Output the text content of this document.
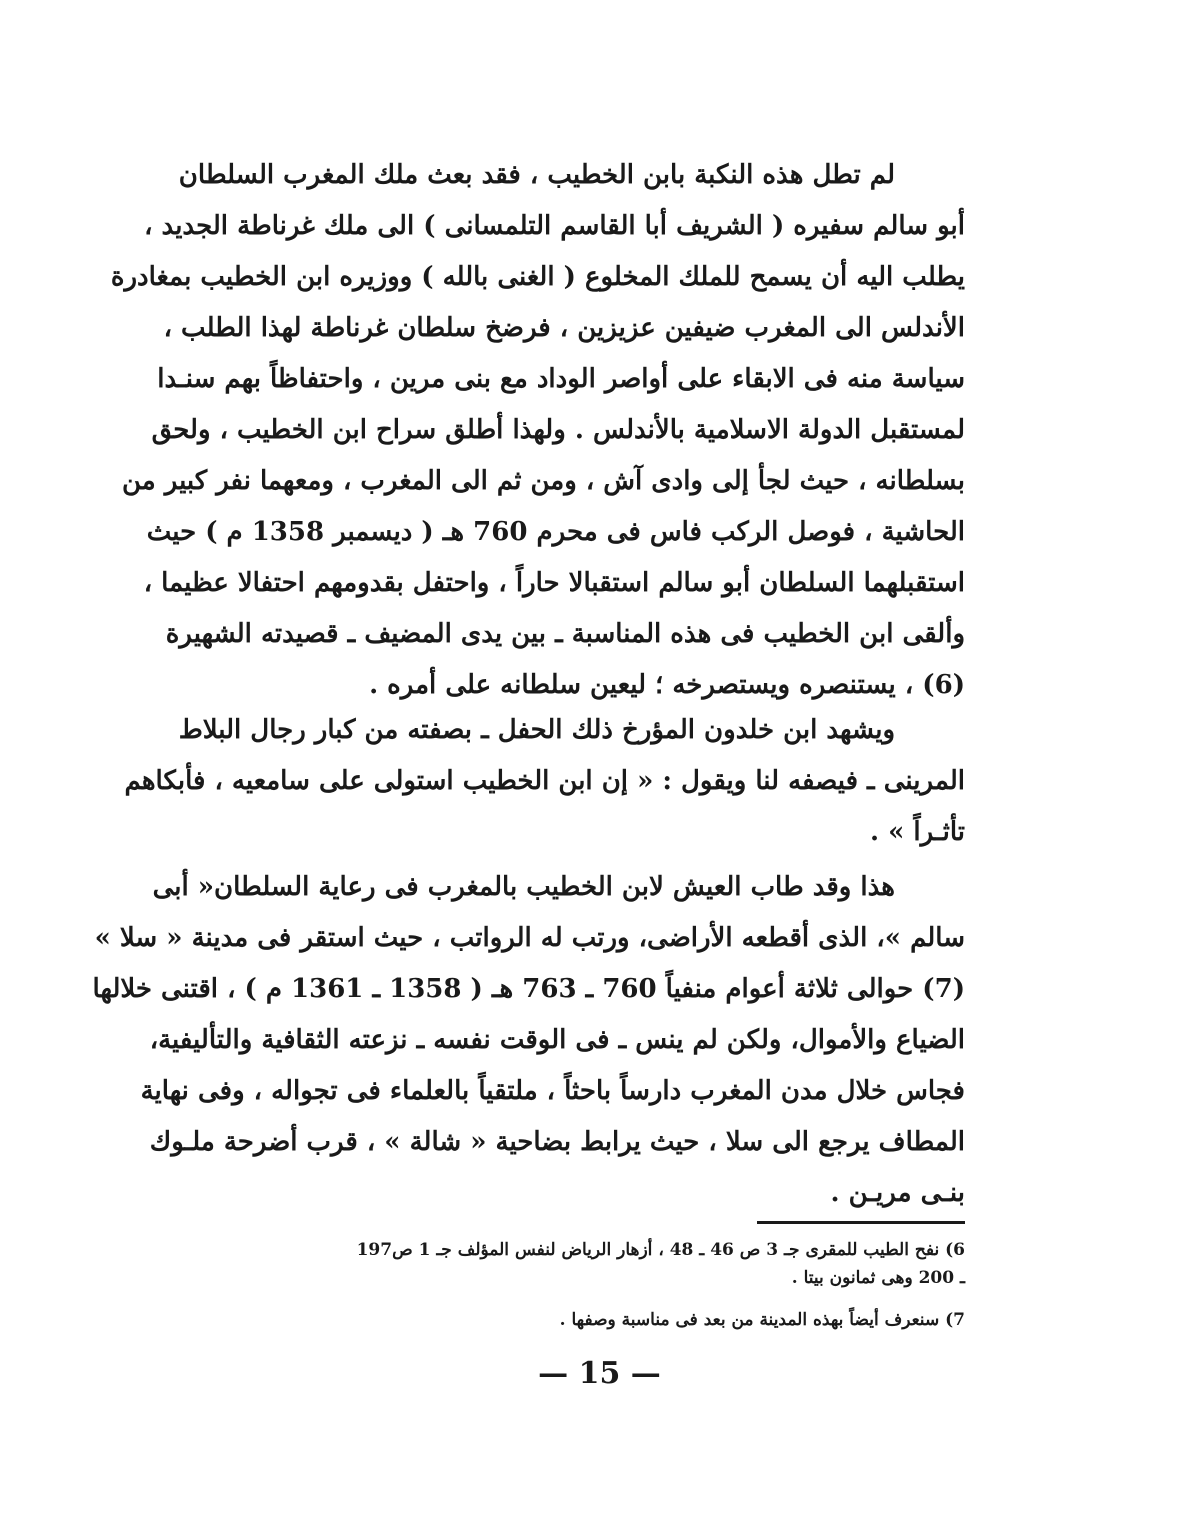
لم تطل هذه النكبة بابن الخطيب ، فقد بعث ملك المغرب السلطان
أبو سالم سفيره ( الشريف أبا القاسم التلمسانى ) الى ملك غرناطة الجديد ،
يطلب اليه أن يسمح للملك المخلوع ( الغنى بالله ) ووزيره ابن الخطيب بمغادرة
الأندلس الى المغرب ضيفين عزيزين ، فرضخ سلطان غرناطة لهذا الطلب ،
سياسة منه فى الابقاء على أواصر الوداد مع بنى مرين ، واحتفاظاً بهم سنـدا
لمستقبل الدولة الاسلامية بالأندلس . ولهذا أطلق سراح ابن الخطيب ، ولحق
بسلطانه ، حيث لجأ إلى وادى آش ، ومن ثم الى المغرب ، ومعهما نفر كبير من
الحاشية ، فوصل الركب فاس فى محرم 760 هـ ( ديسمبر 1358 م ) حيث
استقبلهما السلطان أبو سالم استقبالا حاراً ، واحتفل بقدومهم احتفالا عظيما ،
وألقى ابن الخطيب فى هذه المناسبة ـ بين يدى المضيف ـ قصيدته الشهيرة
(6) ، يستنصره ويستصرخه ؛ ليعين سلطانه على أمره .

ويشهد ابن خلدون المؤرخ ذلك الحفل ـ بصفته من كبار رجال البلاط
المرينى ـ فيصفه لنا ويقول : « إن ابن الخطيب استولى على سامعيه ، فأبكاهم
تأثـراً » .

هذا وقد طاب العيش لابن الخطيب بالمغرب فى رعاية السلطان« أبى
سالم »، الذى أقطعه الأراضى، ورتب له الرواتب ، حيث استقر فى مدينة « سلا »
(7) حوالى ثلاثة أعوام منفياً 760 ـ 763 هـ ( 1358 ـ 1361 م ) ، اقتنى خلالها
الضياع والأموال، ولكن لم ينس ـ فى الوقت نفسه ـ نزعته الثقافية والتأليفية،
فجاس خلال مدن المغرب دارساً باحثاً ، ملتقياً بالعلماء فى تجواله ، وفى نهاية
المطاف يرجع الى سلا ، حيث يرابط بضاحية « شالة » ، قرب أضرحة ملـوك
بنـى مريـن .

6) نفح الطيب للمقرى جـ 3 ص 46 ـ 48 ، أزهار الرياض لنفس المؤلف جـ 1 ص197
ـ 200 وهى ثمانون بيتا .
7) سنعرف أيضاً بهذه المدينة من بعد فى مناسبة وصفها .
— 15 —
